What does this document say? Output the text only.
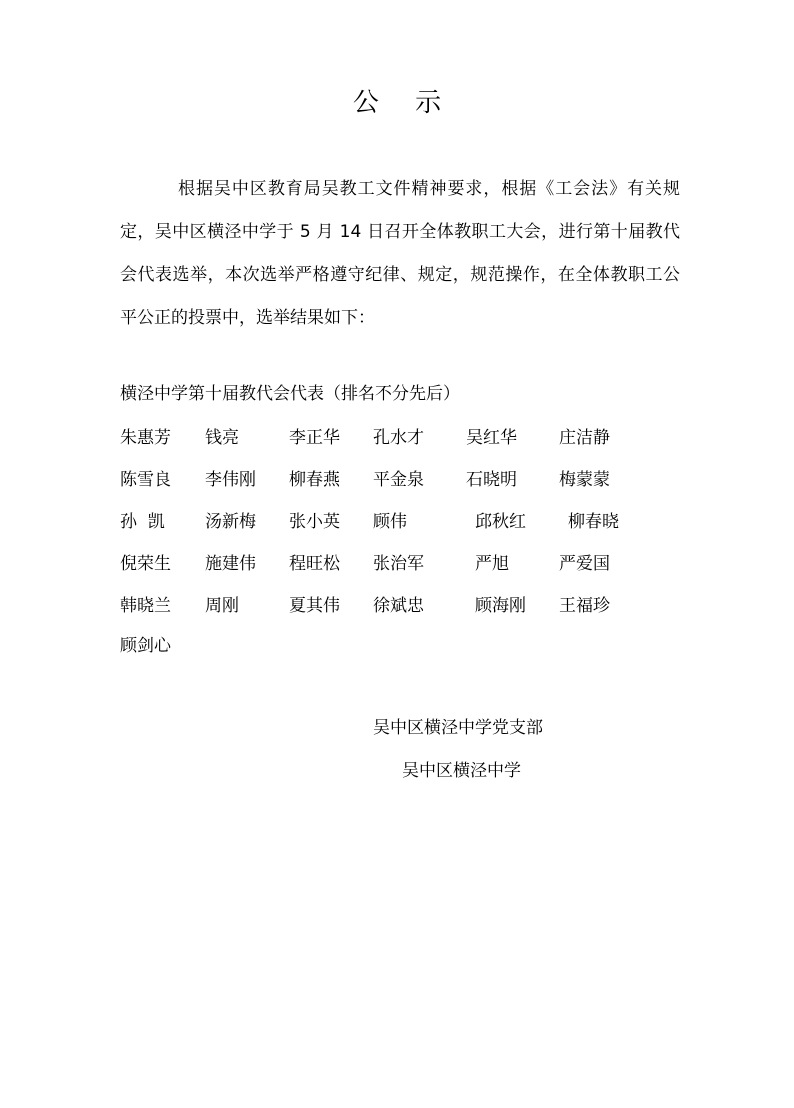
公 示

根据吴中区教育局吴教工文件精神要求，根据《工会法》有关规定，吴中区横泾中学于 5 月 14 日召开全体教职工大会，进行第十届教代会代表选举，本次选举严格遵守纪律、规定，规范操作，在全体教职工公平公正的投票中，选举结果如下：

横泾中学第十届教代会代表（排名不分先后）
朱惠芳 钱亮	李正华 孔水才 吴红华 庄洁静
陈雪良 李伟刚 柳春燕 平金泉 石晓明 梅蒙蒙
孙  凯 汤新梅 张小英 顾伟	邱秋红 柳春晓
倪荣生 施建伟 程旺松 张治军	严旭	严爱国
韩晓兰 周刚	夏其伟 徐斌忠	顾海刚 王福珍
顾剑心
吴中区横泾中学党支部
吴中区横泾中学
